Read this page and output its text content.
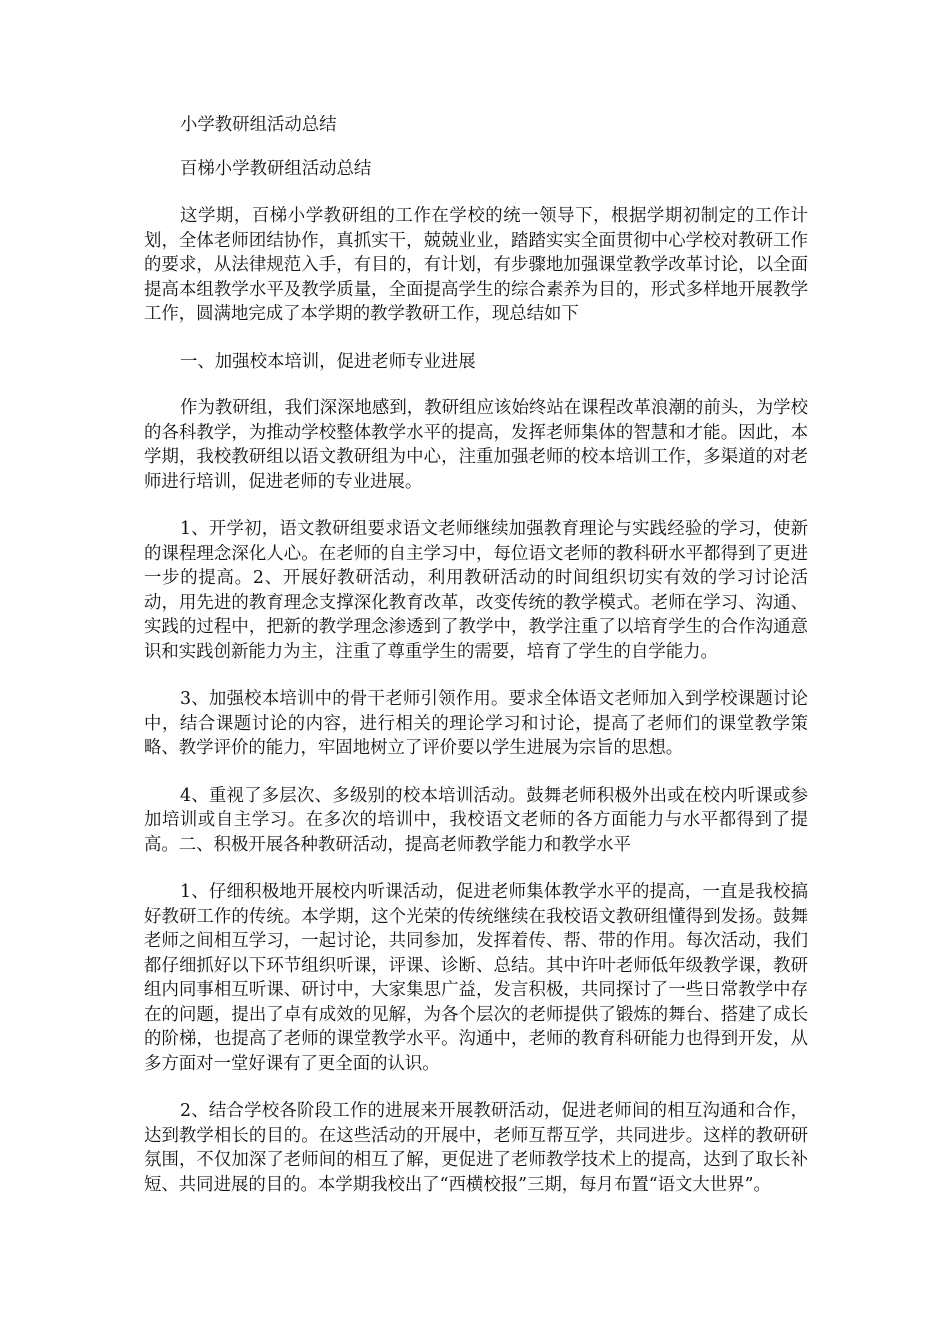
小学教研组活动总结

百梯小学教研组活动总结

这学期，百梯小学教研组的工作在学校的统一领导下，根据学期初制定的工作计划，全体老师团结协作，真抓实干，兢兢业业，踏踏实实全面贯彻中心学校对教研工作的要求，从法律规范入手，有目的，有计划，有步骤地加强课堂教学改革讨论，以全面提高本组教学水平及教学质量，全面提高学生的综合素养为目的，形式多样地开展教学工作，圆满地完成了本学期的教学教研工作，现总结如下

一、加强校本培训，促进老师专业进展

作为教研组，我们深深地感到，教研组应该始终站在课程改革浪潮的前头，为学校的各科教学，为推动学校整体教学水平的提高，发挥老师集体的智慧和才能。因此，本学期，我校教研组以语文教研组为中心，注重加强老师的校本培训工作，多渠道的对老师进行培训，促进老师的专业进展。

1、开学初，语文教研组要求语文老师继续加强教育理论与实践经验的学习，使新的课程理念深化人心。在老师的自主学习中，每位语文老师的教科研水平都得到了更进一步的提高。2、开展好教研活动，利用教研活动的时间组织切实有效的学习讨论活动，用先进的教育理念支撑深化教育改革，改变传统的教学模式。老师在学习、沟通、实践的过程中，把新的教学理念渗透到了教学中，教学注重了以培育学生的合作沟通意识和实践创新能力为主，注重了尊重学生的需要，培育了学生的自学能力。

3、加强校本培训中的骨干老师引领作用。要求全体语文老师加入到学校课题讨论中，结合课题讨论的内容，进行相关的理论学习和讨论，提高了老师们的课堂教学策略、教学评价的能力，牢固地树立了评价要以学生进展为宗旨的思想。

4、重视了多层次、多级别的校本培训活动。鼓舞老师积极外出或在校内听课或参加培训或自主学习。在多次的培训中，我校语文老师的各方面能力与水平都得到了提高。二、积极开展各种教研活动，提高老师教学能力和教学水平

1、仔细积极地开展校内听课活动，促进老师集体教学水平的提高，一直是我校搞好教研工作的传统。本学期，这个光荣的传统继续在我校语文教研组懂得到发扬。鼓舞老师之间相互学习，一起讨论，共同参加，发挥着传、帮、带的作用。每次活动，我们都仔细抓好以下环节组织听课，评课、诊断、总结。其中许叶老师低年级教学课，教研组内同事相互听课、研讨中，大家集思广益，发言积极，共同探讨了一些日常教学中存在的问题，提出了卓有成效的见解，为各个层次的老师提供了锻炼的舞台、搭建了成长的阶梯，也提高了老师的课堂教学水平。沟通中，老师的教育科研能力也得到开发，从多方面对一堂好课有了更全面的认识。

2、结合学校各阶段工作的进展来开展教研活动，促进老师间的相互沟通和合作，达到教学相长的目的。在这些活动的开展中，老师互帮互学，共同进步。这样的教研研氛围，不仅加深了老师间的相互了解，更促进了老师教学技术上的提高，达到了取长补短、共同进展的目的。本学期我校出了“西横校报”三期，每月布置“语文大世界”。
